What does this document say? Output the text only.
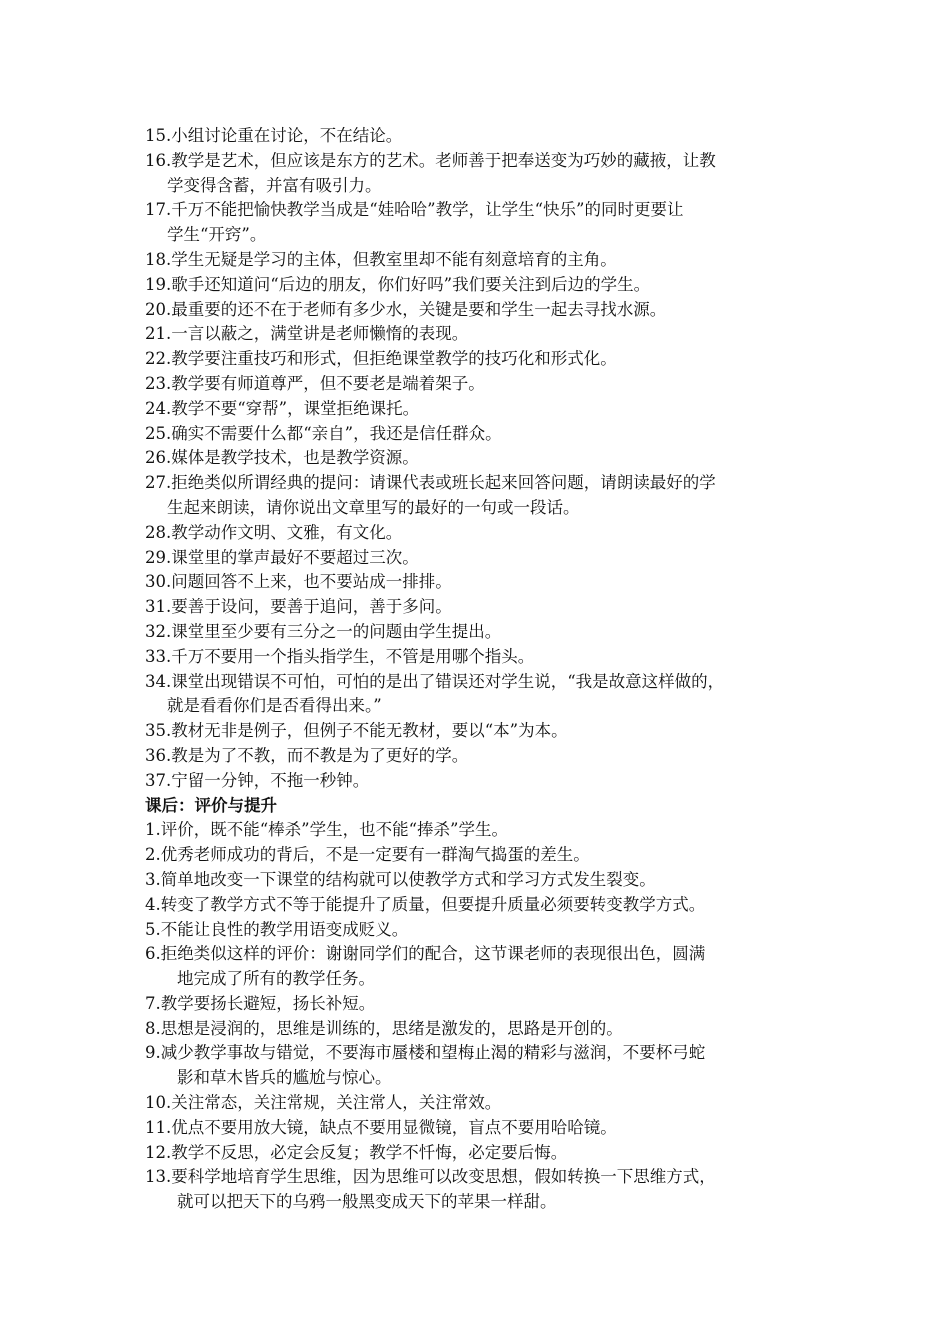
15. 小组讨论重在讨论，不在结论。
16. 教学是艺术，但应该是东方的艺术。老师善于把奉送变为巧妙的藏掖，让教
学变得含蓄，并富有吸引力。
17. 千万不能把愉快教学当成是“娃哈哈”教学，让学生“快乐”的同时更要让
学生“开窍”。
18. 学生无疑是学习的主体，但教室里却不能有刻意培育的主角。
19. 歌手还知道问“后边的朋友，你们好吗”我们要关注到后边的学生。
20. 最重要的还不在于老师有多少水，关键是要和学生一起去寻找水源。
21. 一言以蔽之，满堂讲是老师懒惰的表现。
22. 教学要注重技巧和形式，但拒绝课堂教学的技巧化和形式化。
23. 教学要有师道尊严，但不要老是端着架子。
24. 教学不要“穿帮”，课堂拒绝课托。
25. 确实不需要什么都“亲自”，我还是信任群众。
26. 媒体是教学技术，也是教学资源。
27. 拒绝类似所谓经典的提问：请课代表或班长起来回答问题，请朗读最好的学
生起来朗读，请你说出文章里写的最好的一句或一段话。
28. 教学动作文明、文雅，有文化。
29. 课堂里的掌声最好不要超过三次。
30. 问题回答不上来，也不要站成一排排。
31. 要善于设问，要善于追问，善于多问。
32. 课堂里至少要有三分之一的问题由学生提出。
33. 千万不要用一个指头指学生，不管是用哪个指头。
34. 课堂出现错误不可怕，可怕的是出了错误还对学生说，“我是故意这样做的，
就是看看你们是否看得出来。”
35. 教材无非是例子，但例子不能无教材，要以“本”为本。
36. 教是为了不教，而不教是为了更好的学。
37. 宁留一分钟，不拖一秒钟。
课后：评价与提升
1. 评价，既不能“棒杀”学生，也不能“捧杀”学生。
2. 优秀老师成功的背后，不是一定要有一群淘气捣蛋的差生。
3. 简单地改变一下课堂的结构就可以使教学方式和学习方式发生裂变。
4. 转变了教学方式不等于能提升了质量，但要提升质量必须要转变教学方式。
5. 不能让良性的教学用语变成贬义。
6. 拒绝类似这样的评价：谢谢同学们的配合，这节课老师的表现很出色，圆满
地完成了所有的教学任务。
7. 教学要扬长避短，扬长补短。
8. 思想是浸润的，思维是训练的，思绪是激发的，思路是开创的。
9. 减少教学事故与错觉，不要海市蜃楼和望梅止渴的精彩与滋润，不要杯弓蛇
影和草木皆兵的尴尬与惊心。
10. 关注常态，关注常规，关注常人，关注常效。
11. 优点不要用放大镜，缺点不要用显微镜，盲点不要用哈哈镜。
12. 教学不反思，必定会反复；教学不忏悔，必定要后悔。
13. 要科学地培育学生思维，因为思维可以改变思想，假如转换一下思维方式，
就可以把天下的乌鸦一般黑变成天下的苹果一样甜。
